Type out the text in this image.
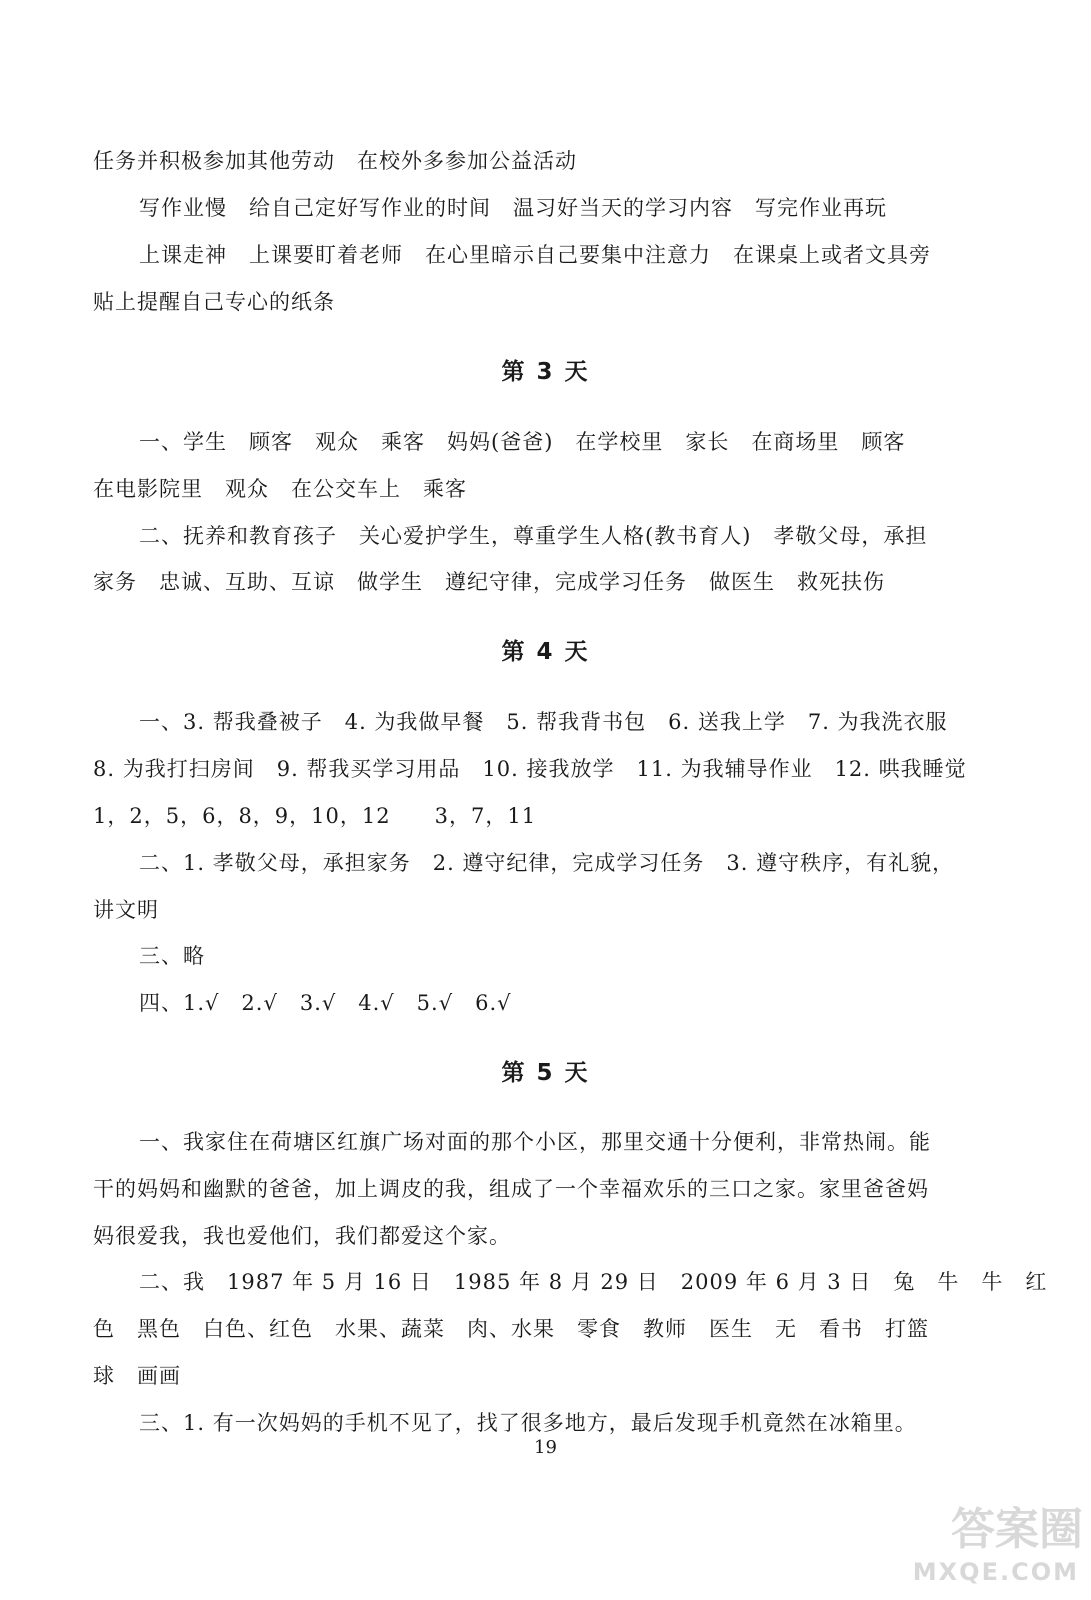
任务并积极参加其他劳动　在校外多参加公益活动
写作业慢　给自己定好写作业的时间　温习好当天的学习内容　写完作业再玩
上课走神　上课要盯着老师　在心里暗示自己要集中注意力　在课桌上或者文具旁
贴上提醒自己专心的纸条
第 3 天
一、学生　顾客　观众　乘客　妈妈(爸爸)　在学校里　家长　在商场里　顾客
在电影院里　观众　在公交车上　乘客
二、抚养和教育孩子　关心爱护学生，尊重学生人格(教书育人)　孝敬父母，承担
家务　忠诚、互助、互谅　做学生　遵纪守律，完成学习任务　做医生　救死扶伤
第 4 天
一、3. 帮我叠被子　4. 为我做早餐　5. 帮我背书包　6. 送我上学　7. 为我洗衣服
8. 为我打扫房间　9. 帮我买学习用品　10. 接我放学　11. 为我辅导作业　12. 哄我睡觉
1，2，5，6，8，9，10，12　　3，7，11
二、1. 孝敬父母，承担家务　2. 遵守纪律，完成学习任务　3. 遵守秩序，有礼貌，
讲文明
三、略
四、1.√　2.√　3.√　4.√　5.√　6.√
第 5 天
一、我家住在荷塘区红旗广场对面的那个小区，那里交通十分便利，非常热闹。能
干的妈妈和幽默的爸爸，加上调皮的我，组成了一个幸福欢乐的三口之家。家里爸爸妈
妈很爱我，我也爱他们，我们都爱这个家。
二、我　1987 年 5 月 16 日　1985 年 8 月 29 日　2009 年 6 月 3 日　兔　牛　牛　红
色　黑色　白色、红色　水果、蔬菜　肉、水果　零食　教师　医生　无　看书　打篮
球　画画
三、1. 有一次妈妈的手机不见了，找了很多地方，最后发现手机竟然在冰箱里。
19
答案圈
MXQE.COM
